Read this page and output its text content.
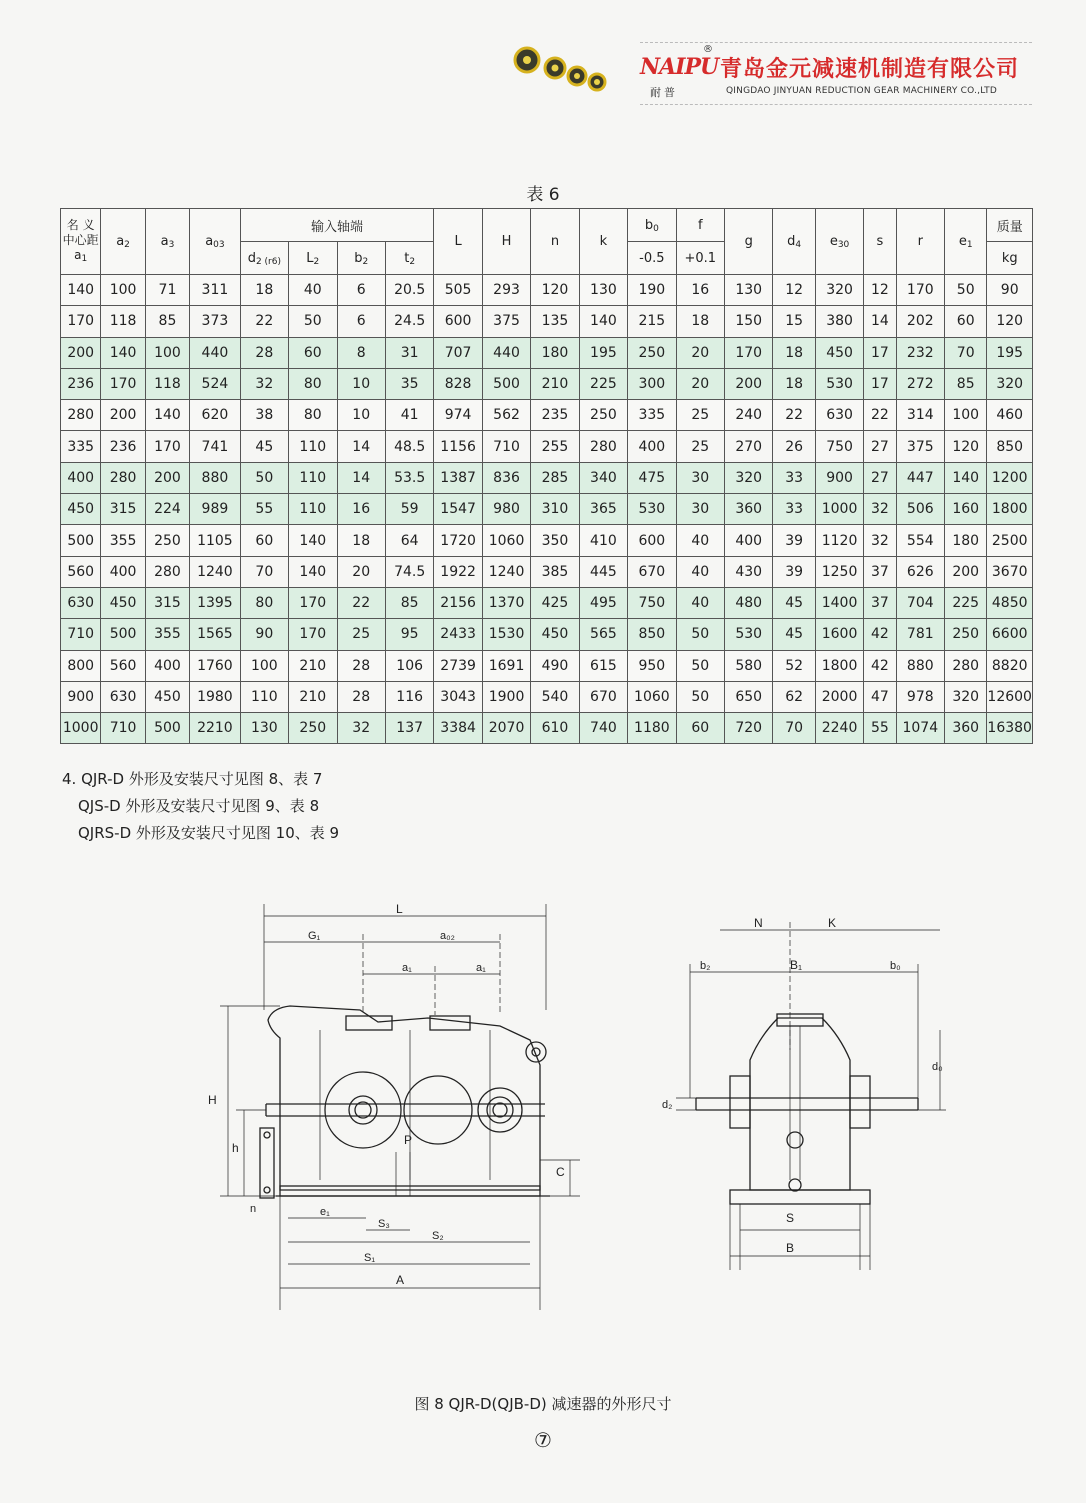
NAIPU
®
耐普
青岛金元减速机制造有限公司
QINGDAO JINYUAN REDUCTION GEAR MACHINERY CO.,LTD
表 6
名 义
中心距
a1	a2	a3	a03	输入轴端				L	H	n	k	b0	f	g	d4	e30	s	r	e1	质量
				d2 (r6)	L2	b2	t2					-0.5	+0.1							kg
140	100	71	311	18	40	6	20.5	505	293	120	130	190	16	130	12	320	12	170	50	90
170	118	85	373	22	50	6	24.5	600	375	135	140	215	18	150	15	380	14	202	60	120
200	140	100	440	28	60	8	31	707	440	180	195	250	20	170	18	450	17	232	70	195
236	170	118	524	32	80	10	35	828	500	210	225	300	20	200	18	530	17	272	85	320
280	200	140	620	38	80	10	41	974	562	235	250	335	25	240	22	630	22	314	100	460
335	236	170	741	45	110	14	48.5	1156	710	255	280	400	25	270	26	750	27	375	120	850
400	280	200	880	50	110	14	53.5	1387	836	285	340	475	30	320	33	900	27	447	140	1200
450	315	224	989	55	110	16	59	1547	980	310	365	530	30	360	33	1000	32	506	160	1800
500	355	250	1105	60	140	18	64	1720	1060	350	410	600	40	400	39	1120	32	554	180	2500
560	400	280	1240	70	140	20	74.5	1922	1240	385	445	670	40	430	39	1250	37	626	200	3670
630	450	315	1395	80	170	22	85	2156	1370	425	495	750	40	480	45	1400	37	704	225	4850
710	500	355	1565	90	170	25	95	2433	1530	450	565	850	50	530	45	1600	42	781	250	6600
800	560	400	1760	100	210	28	106	2739	1691	490	615	950	50	580	52	1800	42	880	280	8820
900	630	450	1980	110	210	28	116	3043	1900	540	670	1060	50	650	62	2000	47	978	320	12600
1000	710	500	2210	130	250	32	137	3384	2070	610	740	1180	60	720	70	2240	55	1074	360	16380
4. QJR-D 外形及安装尺寸见图 8、表 7
QJS-D 外形及安装尺寸见图 9、表 8
QJRS-D 外形及安装尺寸见图 10、表 9
L
G₁	a₀₂
a₁	a₁
H
h
P
C
n	e₁
S₃
S₂
S₁
A
N	K
b₂	B₁	b₀
d₂
d₀
S
B
图 8 QJR-D(QJB-D) 减速器的外形尺寸
⑦
